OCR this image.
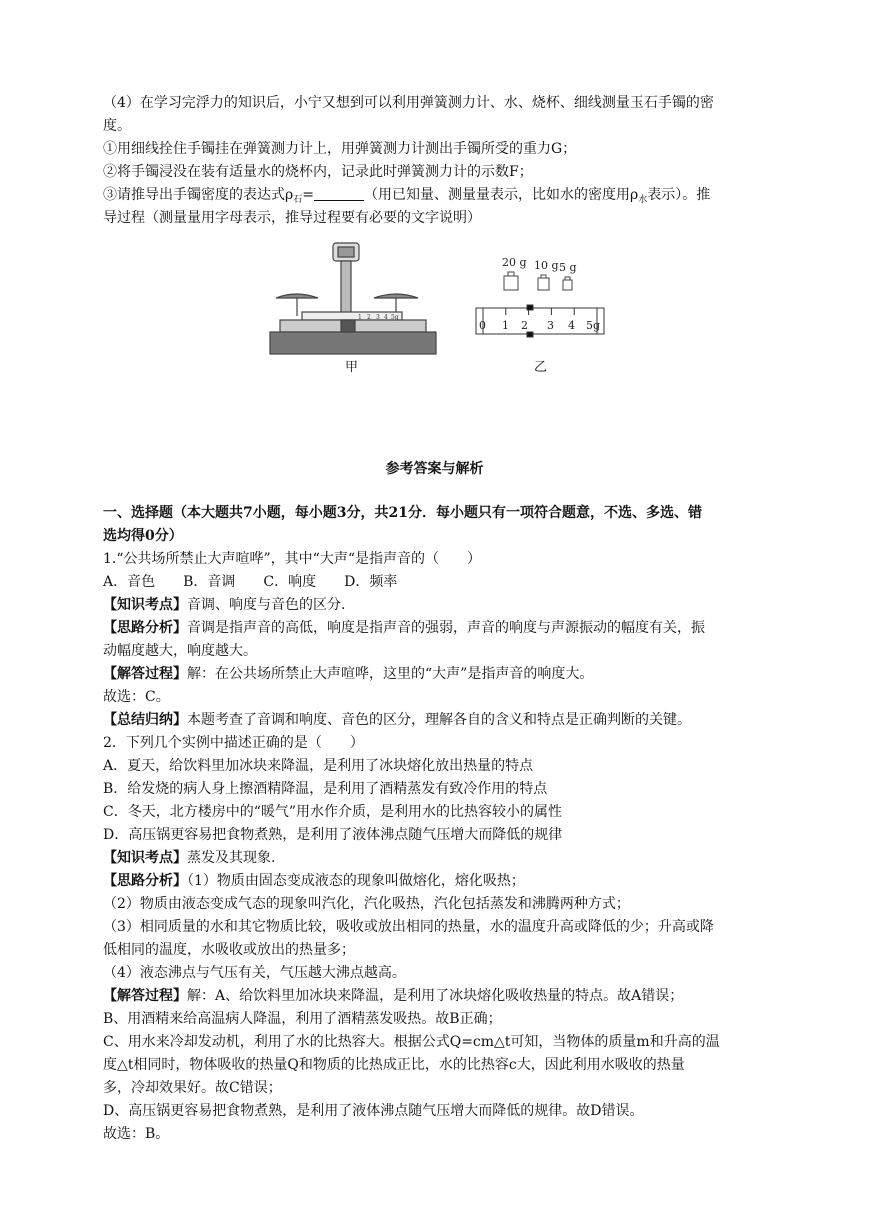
（4）在学习完浮力的知识后，小宁又想到可以利用弹簧测力计、水、烧杯、细线测量玉石手镯的密
度。
①用细线拴住手镯挂在弹簧测力计上，用弹簧测力计测出手镯所受的重力G；
②将手镯浸没在装有适量水的烧杯内，记录此时弹簧测力计的示数F；
③请推导出手镯密度的表达式$\rho_石=$	（用已知量、测量量表示，比如水的密度用$\rho_水$表示）。推
导过程（测量量用字母表示，推导过程要有必要的文字说明）
1 2 3 4 5g
20 g 10 g 5 g
0 1 2 3 4 5g
甲	乙
参考答案与解析
一、选择题（本大题共7小题，每小题3分，共21分．每小题只有一项符合题意，不选、多选、错
选均得0分）
1.“公共场所禁止大声喧哗”，其中“大声“是指声音的（　　）
A．音色　　B．音调　　C．响度　　D．频率
【知识考点】音调、响度与音色的区分.
【思路分析】音调是指声音的高低，响度是指声音的强弱，声音的响度与声源振动的幅度有关，振
动幅度越大，响度越大。
【解答过程】解：在公共场所禁止大声喧哗，这里的“大声”是指声音的响度大。
故选：C。
【总结归纳】本题考查了音调和响度、音色的区分，理解各自的含义和特点是正确判断的关键。
2．下列几个实例中描述正确的是（　　）
A．夏天，给饮料里加冰块来降温，是利用了冰块熔化放出热量的特点
B．给发烧的病人身上擦酒精降温，是利用了酒精蒸发有致冷作用的特点
C．冬天，北方楼房中的“暖气”用水作介质，是利用水的比热容较小的属性
D．高压锅更容易把食物煮熟，是利用了液体沸点随气压增大而降低的规律
【知识考点】蒸发及其现象.
【思路分析】（1）物质由固态变成液态的现象叫做熔化，熔化吸热；
（2）物质由液态变成气态的现象叫汽化，汽化吸热，汽化包括蒸发和沸腾两种方式；
（3）相同质量的水和其它物质比较，吸收或放出相同的热量，水的温度升高或降低的少；升高或降
低相同的温度，水吸收或放出的热量多；
（4）液态沸点与气压有关，气压越大沸点越高。
【解答过程】解：A、给饮料里加冰块来降温，是利用了冰块熔化吸收热量的特点。故A错误；
B、用酒精来给高温病人降温，利用了酒精蒸发吸热。故B正确；
C、用水来冷却发动机，利用了水的比热容大。根据公式Q=cm△t可知，当物体的质量m和升高的温
度△t相同时，物体吸收的热量Q和物质的比热成正比，水的比热容c大，因此利用水吸收的热量
多，冷却效果好。故C错误；
D、高压锅更容易把食物煮熟，是利用了液体沸点随气压增大而降低的规律。故D错误。
故选：B。
